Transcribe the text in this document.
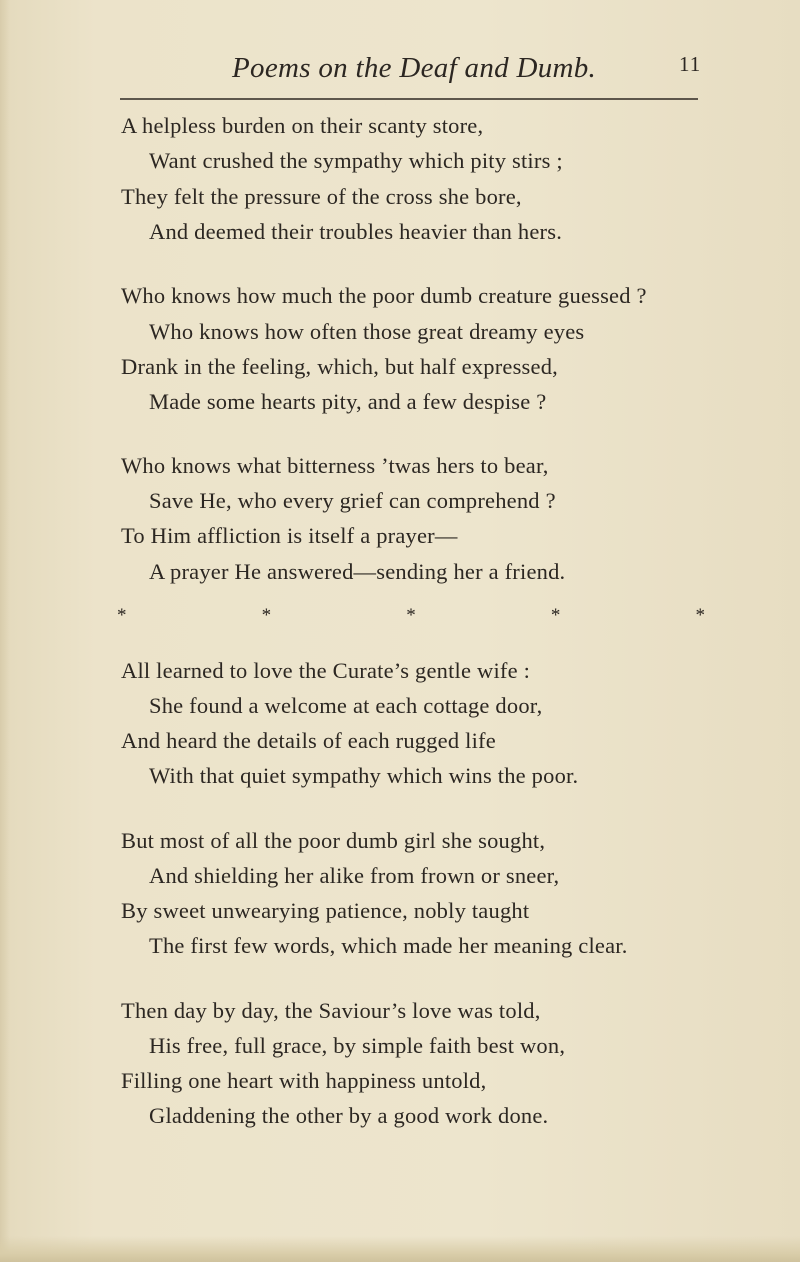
Poems on the Deaf and Dumb.	11
A helpless burden on their scanty store,
Want crushed the sympathy which pity stirs ;
They felt the pressure of the cross she bore,
And deemed their troubles heavier than hers.
Who knows how much the poor dumb creature guessed ?
Who knows how often those great dreamy eyes
Drank in the feeling, which, but half expressed,
Made some hearts pity, and a few despise ?
Who knows what bitterness ’twas hers to bear,
Save He, who every grief can comprehend ?
To Him affliction is itself a prayer—
A prayer He answered—sending her a friend.
*	*	*	*	*
All learned to love the Curate’s gentle wife :
She found a welcome at each cottage door,
And heard the details of each rugged life
With that quiet sympathy which wins the poor.
But most of all the poor dumb girl she sought,
And shielding her alike from frown or sneer,
By sweet unwearying patience, nobly taught
The first few words, which made her meaning clear.
Then day by day, the Saviour’s love was told,
His free, full grace, by simple faith best won,
Filling one heart with happiness untold,
Gladdening the other by a good work done.
